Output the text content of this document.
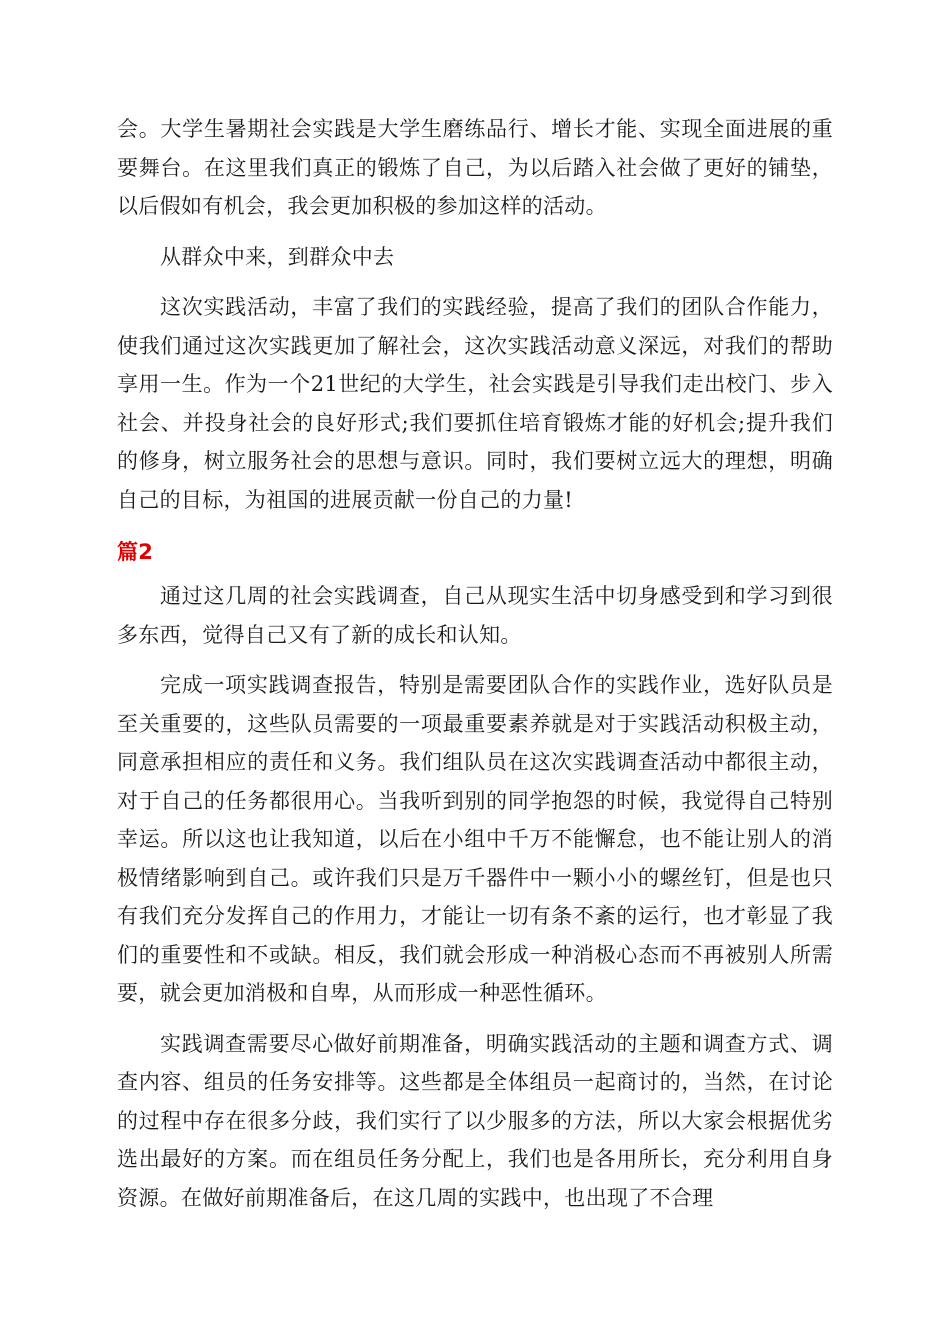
会。大学生暑期社会实践是大学生磨练品行、增长才能、实现全面进展的重要舞台。在这里我们真正的锻炼了自己，为以后踏入社会做了更好的铺垫，以后假如有机会，我会更加积极的参加这样的活动。

从群众中来，到群众中去

这次实践活动，丰富了我们的实践经验，提高了我们的团队合作能力，使我们通过这次实践更加了解社会，这次实践活动意义深远，对我们的帮助享用一生。作为一个21世纪的大学生，社会实践是引导我们走出校门、步入社会、并投身社会的良好形式;我们要抓住培育锻炼才能的好机会;提升我们的修身，树立服务社会的思想与意识。同时，我们要树立远大的理想，明确自己的目标，为祖国的进展贡献一份自己的力量!

篇2

通过这几周的社会实践调查，自己从现实生活中切身感受到和学习到很多东西，觉得自己又有了新的成长和认知。

完成一项实践调查报告，特别是需要团队合作的实践作业，选好队员是至关重要的，这些队员需要的一项最重要素养就是对于实践活动积极主动，同意承担相应的责任和义务。我们组队员在这次实践调查活动中都很主动，对于自己的任务都很用心。当我听到别的同学抱怨的时候，我觉得自己特别幸运。所以这也让我知道，以后在小组中千万不能懈怠，也不能让别人的消极情绪影响到自己。或许我们只是万千器件中一颗小小的螺丝钉，但是也只有我们充分发挥自己的作用力，才能让一切有条不紊的运行，也才彰显了我们的重要性和不或缺。相反，我们就会形成一种消极心态而不再被别人所需要，就会更加消极和自卑，从而形成一种恶性循环。

实践调查需要尽心做好前期准备，明确实践活动的主题和调查方式、调查内容、组员的任务安排等。这些都是全体组员一起商讨的，当然，在讨论的过程中存在很多分歧，我们实行了以少服多的方法，所以大家会根据优劣选出最好的方案。而在组员任务分配上，我们也是各用所长，充分利用自身资源。在做好前期准备后，在这几周的实践中，也出现了不合理
